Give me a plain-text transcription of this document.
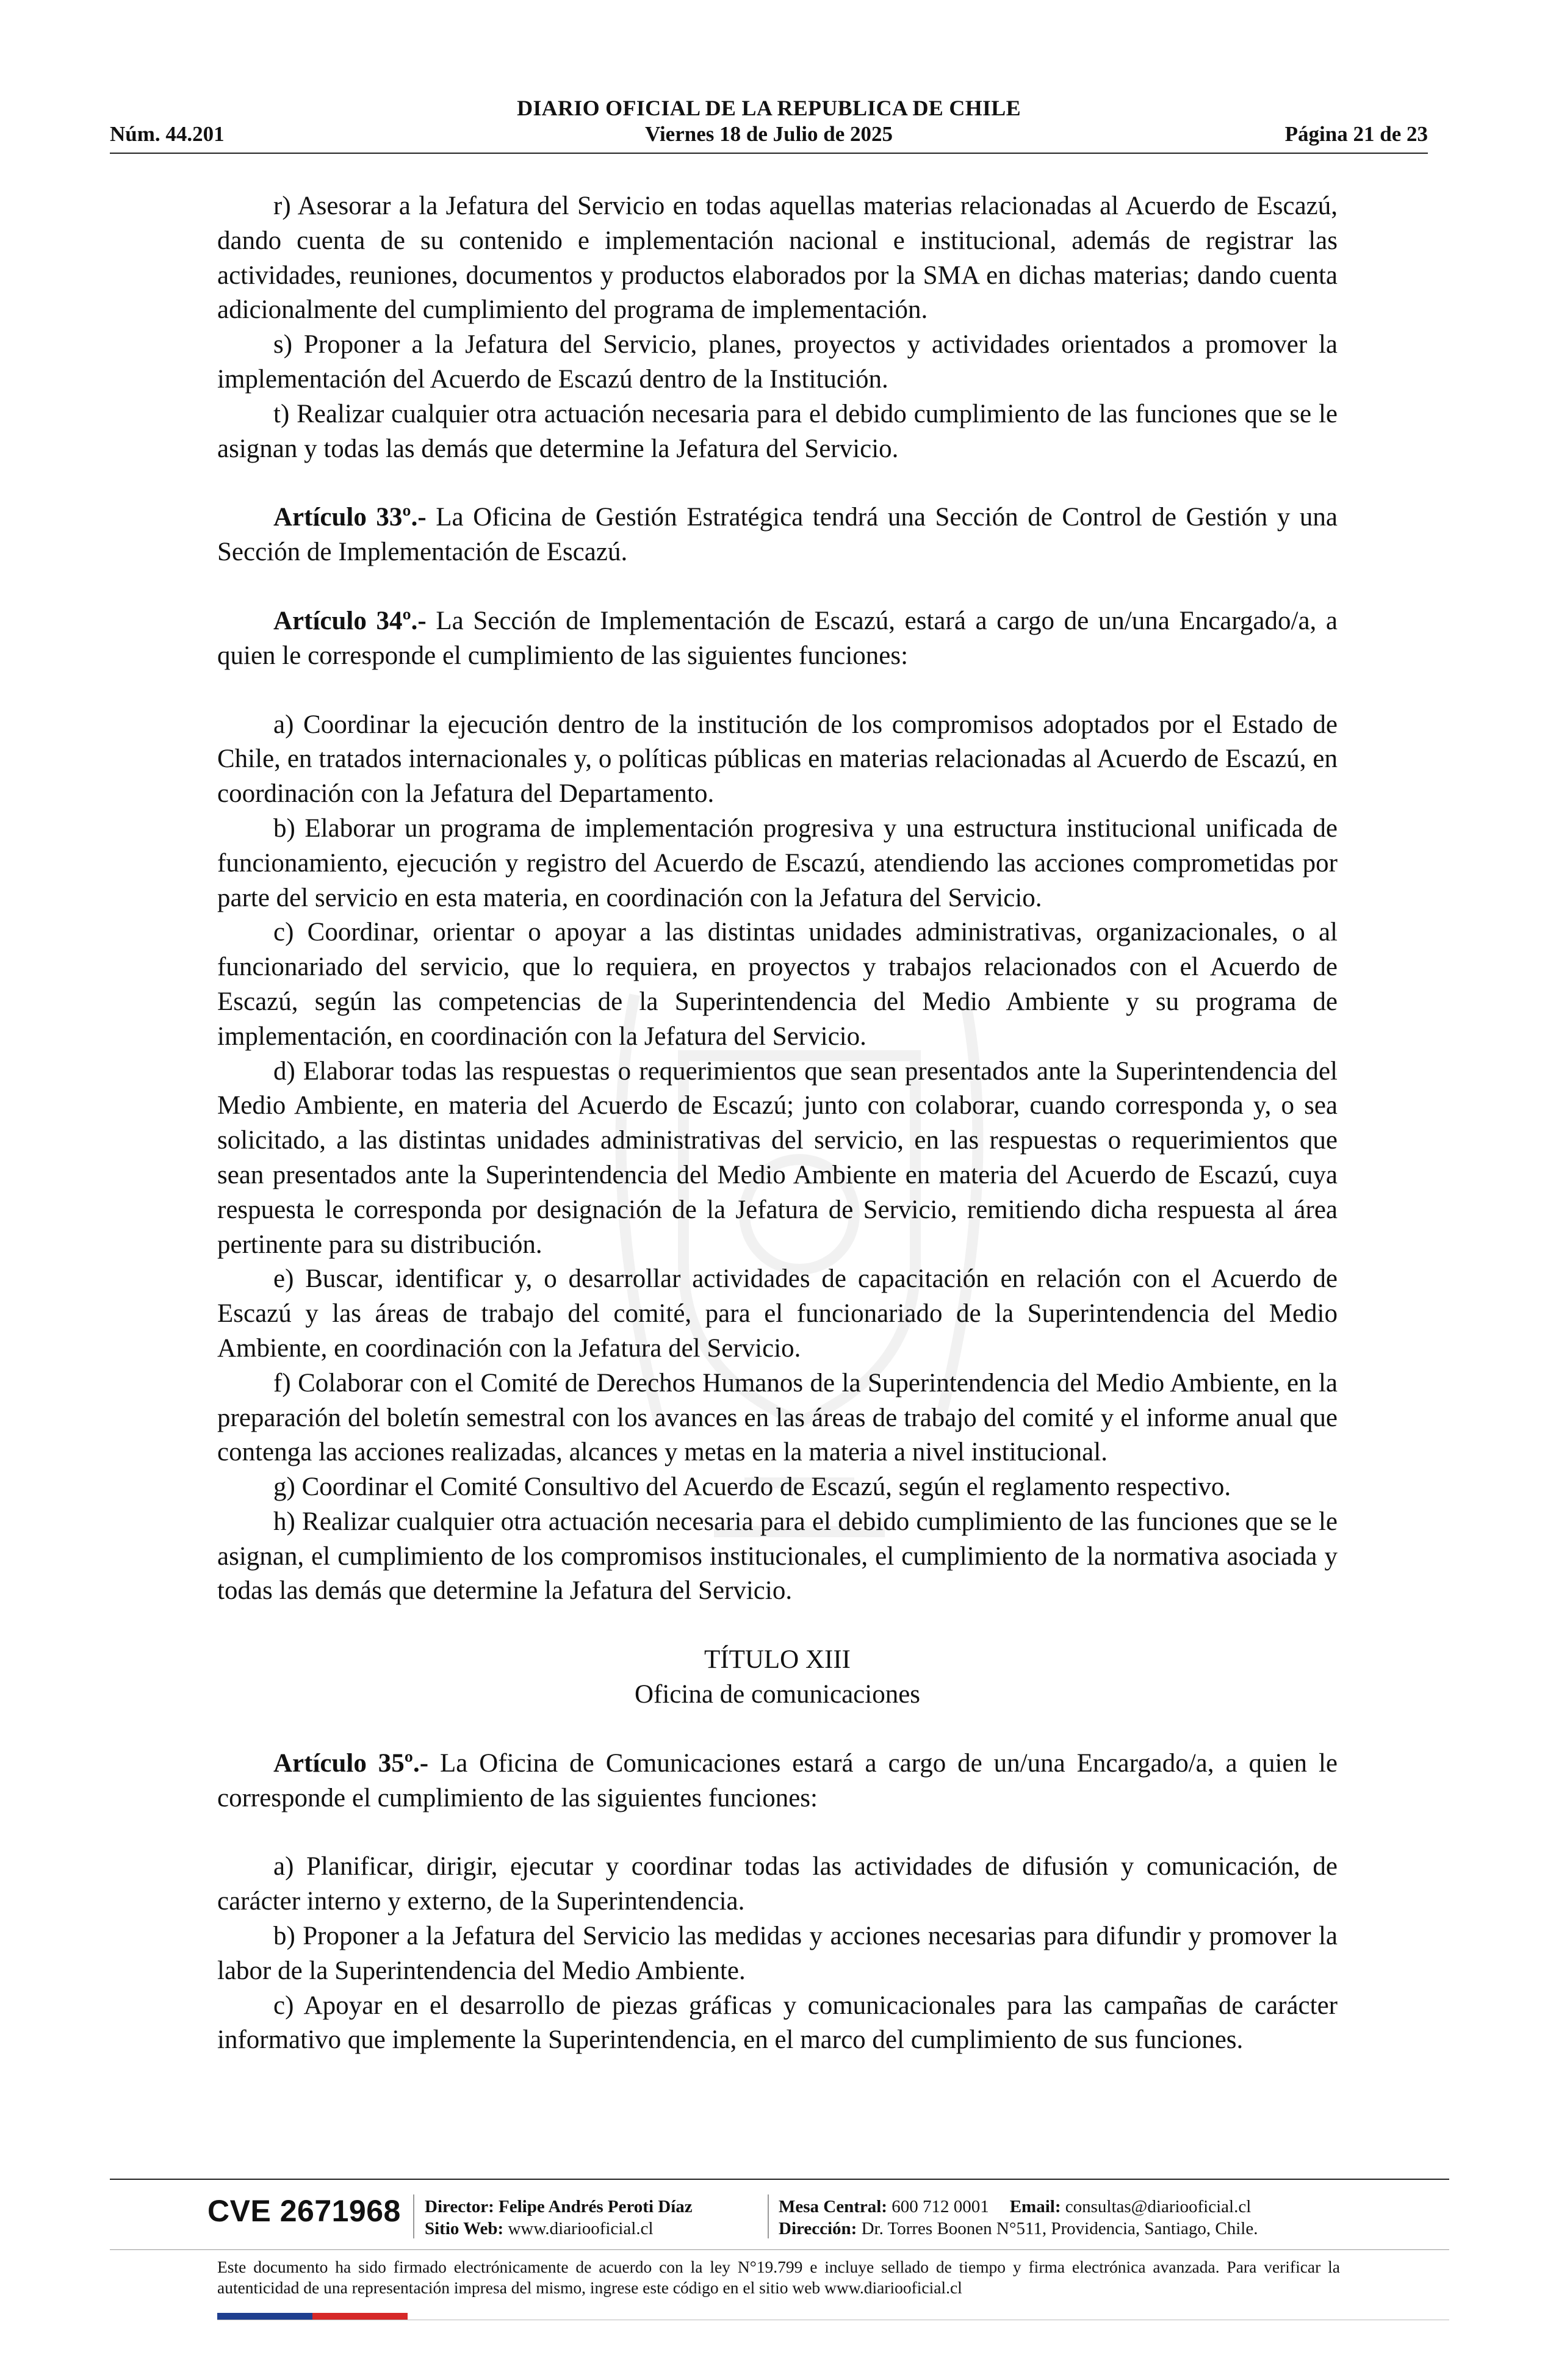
DIARIO OFICIAL DE LA REPUBLICA DE CHILE
Núm. 44.201	Viernes 18 de Julio de 2025	Página 21 de 23

r) Asesorar a la Jefatura del Servicio en todas aquellas materias relacionadas al Acuerdo de Escazú, dando cuenta de su contenido e implementación nacional e institucional, además de registrar las actividades, reuniones, documentos y productos elaborados por la SMA en dichas materias; dando cuenta adicionalmente del cumplimiento del programa de implementación.

s) Proponer a la Jefatura del Servicio, planes, proyectos y actividades orientados a promover la implementación del Acuerdo de Escazú dentro de la Institución.

t) Realizar cualquier otra actuación necesaria para el debido cumplimiento de las funciones que se le asignan y todas las demás que determine la Jefatura del Servicio.

Artículo 33º.- La Oficina de Gestión Estratégica tendrá una Sección de Control de Gestión y una Sección de Implementación de Escazú.

Artículo 34º.- La Sección de Implementación de Escazú, estará a cargo de un/una Encargado/a, a quien le corresponde el cumplimiento de las siguientes funciones:

a) Coordinar la ejecución dentro de la institución de los compromisos adoptados por el Estado de Chile, en tratados internacionales y, o políticas públicas en materias relacionadas al Acuerdo de Escazú, en coordinación con la Jefatura del Departamento.

b) Elaborar un programa de implementación progresiva y una estructura institucional unificada de funcionamiento, ejecución y registro del Acuerdo de Escazú, atendiendo las acciones comprometidas por parte del servicio en esta materia, en coordinación con la Jefatura del Servicio.

c) Coordinar, orientar o apoyar a las distintas unidades administrativas, organizacionales, o al funcionariado del servicio, que lo requiera, en proyectos y trabajos relacionados con el Acuerdo de Escazú, según las competencias de la Superintendencia del Medio Ambiente y su programa de implementación, en coordinación con la Jefatura del Servicio.

d) Elaborar todas las respuestas o requerimientos que sean presentados ante la Superintendencia del Medio Ambiente, en materia del Acuerdo de Escazú; junto con colaborar, cuando corresponda y, o sea solicitado, a las distintas unidades administrativas del servicio, en las respuestas o requerimientos que sean presentados ante la Superintendencia del Medio Ambiente en materia del Acuerdo de Escazú, cuya respuesta le corresponda por designación de la Jefatura de Servicio, remitiendo dicha respuesta al área pertinente para su distribución.

e) Buscar, identificar y, o desarrollar actividades de capacitación en relación con el Acuerdo de Escazú y las áreas de trabajo del comité, para el funcionariado de la Superintendencia del Medio Ambiente, en coordinación con la Jefatura del Servicio.

f) Colaborar con el Comité de Derechos Humanos de la Superintendencia del Medio Ambiente, en la preparación del boletín semestral con los avances en las áreas de trabajo del comité y el informe anual que contenga las acciones realizadas, alcances y metas en la materia a nivel institucional.

g) Coordinar el Comité Consultivo del Acuerdo de Escazú, según el reglamento respectivo.

h) Realizar cualquier otra actuación necesaria para el debido cumplimiento de las funciones que se le asignan, el cumplimiento de los compromisos institucionales, el cumplimiento de la normativa asociada y todas las demás que determine la Jefatura del Servicio.

TÍTULO XIII

Oficina de comunicaciones

Artículo 35º.- La Oficina de Comunicaciones estará a cargo de un/una Encargado/a, a quien le corresponde el cumplimiento de las siguientes funciones:

a) Planificar, dirigir, ejecutar y coordinar todas las actividades de difusión y comunicación, de carácter interno y externo, de la Superintendencia.

b) Proponer a la Jefatura del Servicio las medidas y acciones necesarias para difundir y promover la labor de la Superintendencia del Medio Ambiente.

c) Apoyar en el desarrollo de piezas gráficas y comunicacionales para las campañas de carácter informativo que implemente la Superintendencia, en el marco del cumplimiento de sus funciones.

CVE 2671968 Director: Felipe Andrés Peroti Díaz
Sitio Web: www.diariooficial.cl
Mesa Central: 600 712 0001 Email: consultas@diariooficial.cl
Dirección: Dr. Torres Boonen N°511, Providencia, Santiago, Chile.
Este documento ha sido firmado electrónicamente de acuerdo con la ley N°19.799 e incluye sellado de tiempo y firma electrónica avanzada. Para verificar la autenticidad de una representación impresa del mismo, ingrese este código en el sitio web www.diariooficial.cl
